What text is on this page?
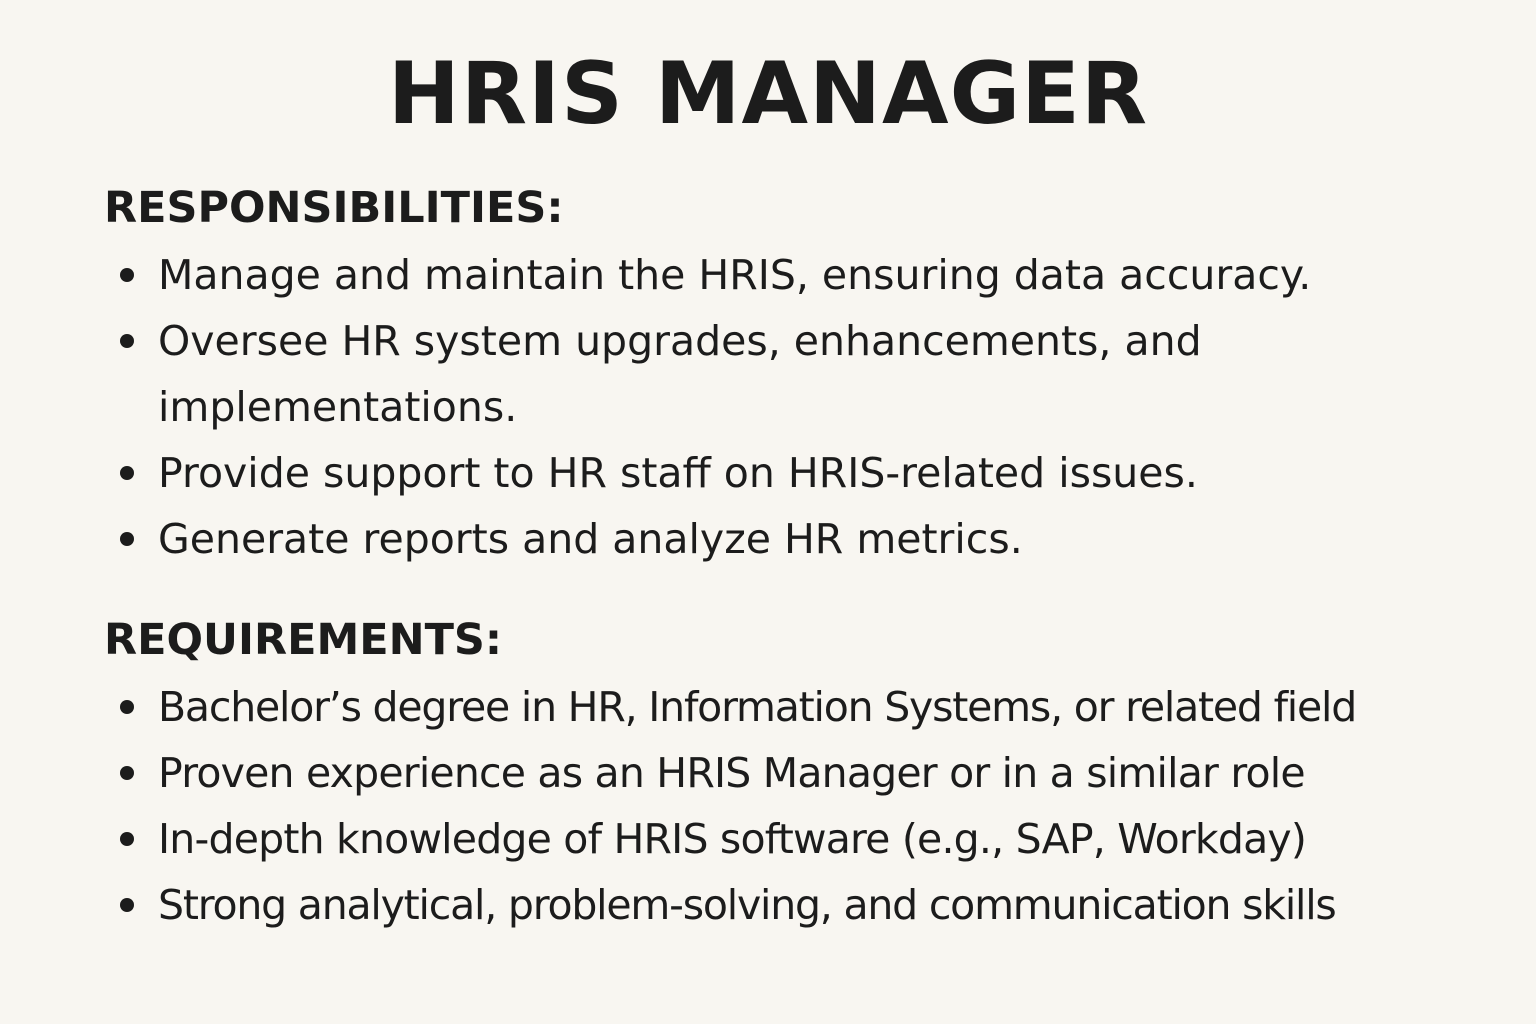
HRIS MANAGER
RESPONSIBILITIES:
Manage and maintain the HRIS, ensuring data accuracy.
Oversee HR system upgrades, enhancements, and implementations.
Provide support to HR staff on HRIS-related issues.
Generate reports and analyze HR metrics.
REQUIREMENTS:
Bachelor’s degree in HR, Information Systems, or related field
Proven experience as an HRIS Manager or in a similar role
In-depth knowledge of HRIS software (e.g., SAP, Workday)
Strong analytical, problem-solving, and communication skills
